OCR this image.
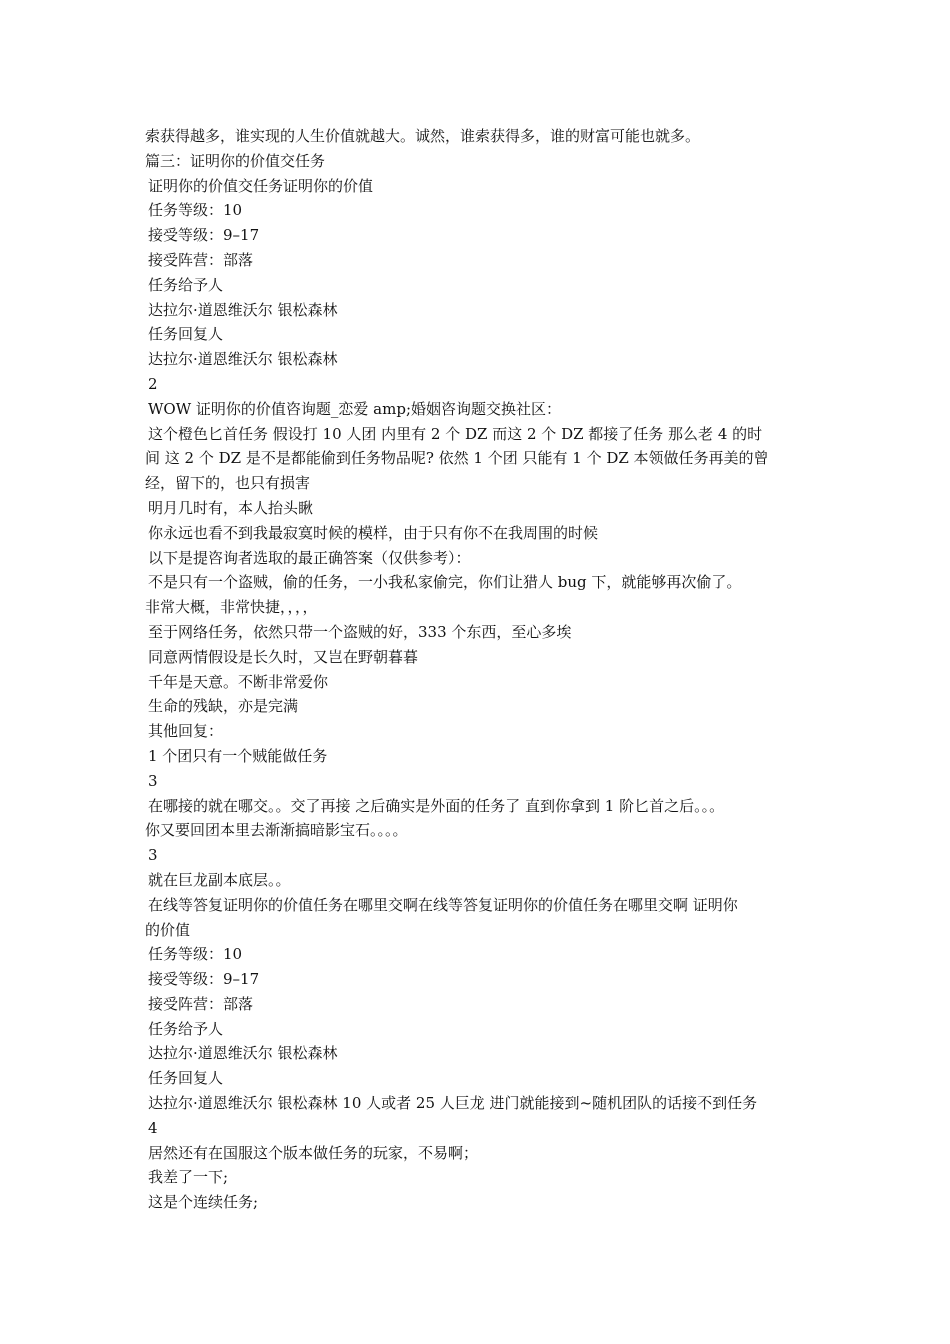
索获得越多，谁实现的人生价值就越大。诚然，谁索获得多，谁的财富可能也就多。
篇三：证明你的价值交任务
证明你的价值交任务证明你的价值
任务等级：10
接受等级：9–17
接受阵营：部落
任务给予人
达拉尔·道恩维沃尔 银松森林
任务回复人
达拉尔·道恩维沃尔 银松森林
2
WOW 证明你的价值咨询题_恋爱 amp;婚姻咨询题交换社区：
这个橙色匕首任务 假设打 10 人团 内里有 2 个 DZ 而这 2 个 DZ 都接了任务 那么老 4 的时
间 这 2 个 DZ 是不是都能偷到任务物品呢? 依然 1 个团 只能有 1 个 DZ 本领做任务再美的曾
经，留下的，也只有损害
明月几时有，本人抬头瞅
你永远也看不到我最寂寞时候的模样，由于只有你不在我周围的时候
以下是提咨询者选取的最正确答案（仅供参考）：
不是只有一个盗贼，偷的任务，一小我私家偷完，你们让猎人 bug 下，就能够再次偷了。
非常大概，非常快捷，，，，
至于网络任务，依然只带一个盗贼的好，333 个东西，至心多埃
同意两情假设是长久时，又岂在野朝暮暮
千年是天意。不断非常爱你
生命的残缺，亦是完满
其他回复：
1 个团只有一个贼能做任务
3
在哪接的就在哪交。。交了再接 之后确实是外面的任务了 直到你拿到 1 阶匕首之后。。。
你又要回团本里去渐渐搞暗影宝石。。。。
3
就在巨龙副本底层。。
在线等答复证明你的价值任务在哪里交啊在线等答复证明你的价值任务在哪里交啊 证明你
的价值
任务等级：10
接受等级：9–17
接受阵营：部落
任务给予人
达拉尔·道恩维沃尔 银松森林
任务回复人
达拉尔·道恩维沃尔 银松森林 10 人或者 25 人巨龙 进门就能接到~随机团队的话接不到任务
4
居然还有在国服这个版本做任务的玩家，不易啊；
我差了一下;
这是个连续任务;
